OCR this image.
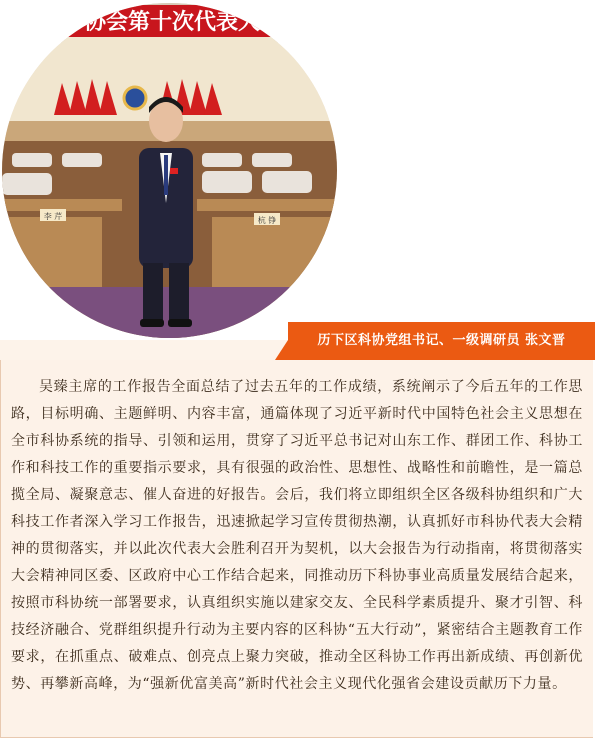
协会第十次代表大
李 芹	杭 铮
历下区科协党组书记、一级调研员 张文晋

吴臻主席的工作报告全面总结了过去五年的工作成绩，系统阐示了今后五年的工作思路，目标明确、主题鲜明、内容丰富，通篇体现了习近平新时代中国特色社会主义思想在全市科协系统的指导、引领和运用，贯穿了习近平总书记对山东工作、群团工作、科协工作和科技工作的重要指示要求，具有很强的政治性、思想性、战略性和前瞻性，是一篇总揽全局、凝聚意志、催人奋进的好报告。会后，我们将立即组织全区各级科协组织和广大科技工作者深入学习工作报告，迅速掀起学习宣传贯彻热潮，认真抓好市科协代表大会精神的贯彻落实，并以此次代表大会胜利召开为契机，以大会报告为行动指南，将贯彻落实大会精神同区委、区政府中心工作结合起来，同推动历下科协事业高质量发展结合起来，按照市科协统一部署要求，认真组织实施以建家交友、全民科学素质提升、聚才引智、科技经济融合、党群组织提升行动为主要内容的区科协“五大行动”，紧密结合主题教育工作要求，在抓重点、破难点、创亮点上聚力突破，推动全区科协工作再出新成绩、再创新优势、再攀新高峰，为“强新优富美高”新时代社会主义现代化强省会建设贡献历下力量。
